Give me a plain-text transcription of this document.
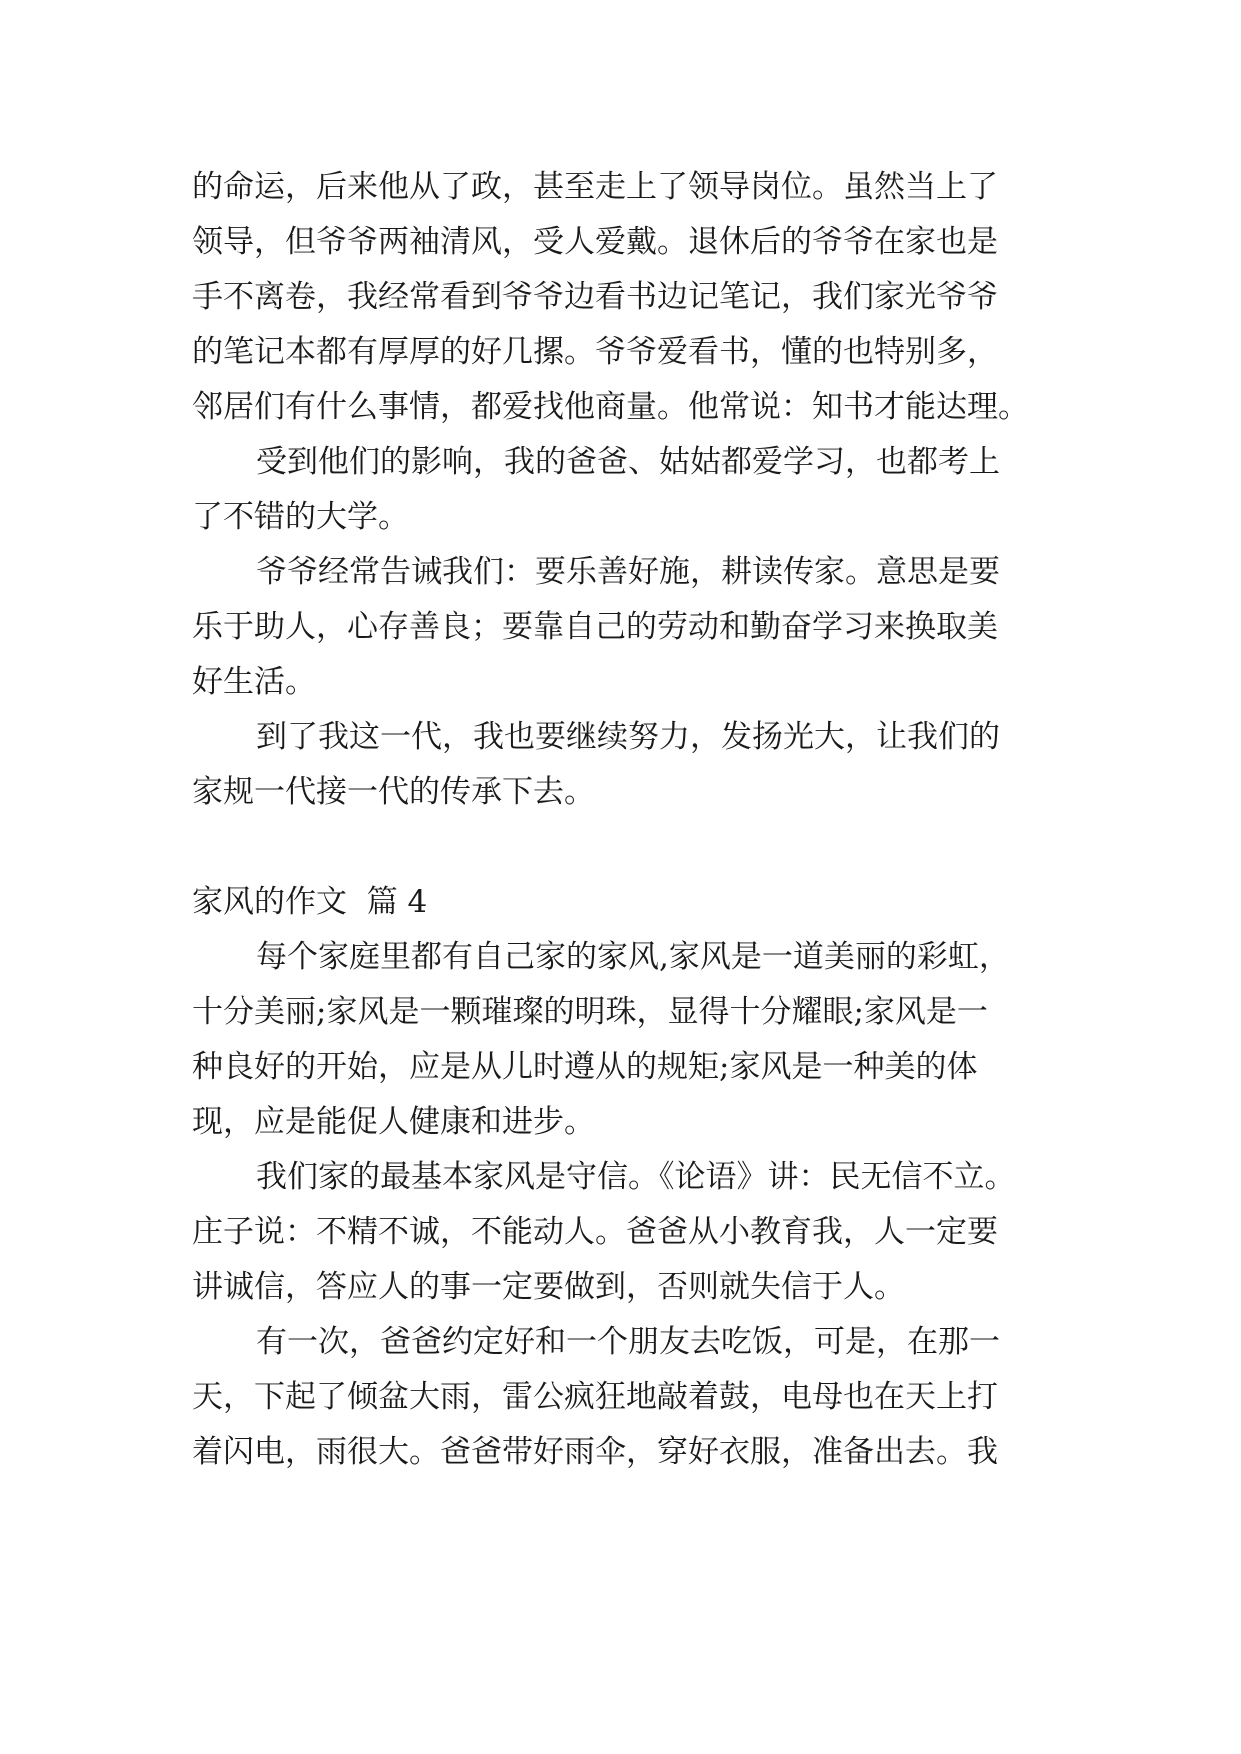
的命运，后来他从了政，甚至走上了领导岗位。虽然当上了
领导，但爷爷两袖清风，受人爱戴。退休后的爷爷在家也是
手不离卷，我经常看到爷爷边看书边记笔记，我们家光爷爷
的笔记本都有厚厚的好几摞。爷爷爱看书，懂的也特别多，
邻居们有什么事情，都爱找他商量。他常说：知书才能达理。
受到他们的影响，我的爸爸、姑姑都爱学习，也都考上
了不错的大学。
爷爷经常告诫我们：要乐善好施，耕读传家。意思是要
乐于助人，心存善良；要靠自己的劳动和勤奋学习来换取美
好生活。
到了我这一代，我也要继续努力，发扬光大，让我们的
家规一代接一代的传承下去。
家风的作文  篇 4
每个家庭里都有自己家的家风,家风是一道美丽的彩虹，
十分美丽;家风是一颗璀璨的明珠，显得十分耀眼;家风是一
种良好的开始，应是从儿时遵从的规矩;家风是一种美的体
现，应是能促人健康和进步。
我们家的最基本家风是守信。《论语》讲：民无信不立。
庄子说：不精不诚，不能动人。爸爸从小教育我，人一定要
讲诚信，答应人的事一定要做到，否则就失信于人。
有一次，爸爸约定好和一个朋友去吃饭，可是，在那一
天，下起了倾盆大雨，雷公疯狂地敲着鼓，电母也在天上打
着闪电，雨很大。爸爸带好雨伞，穿好衣服，准备出去。我
